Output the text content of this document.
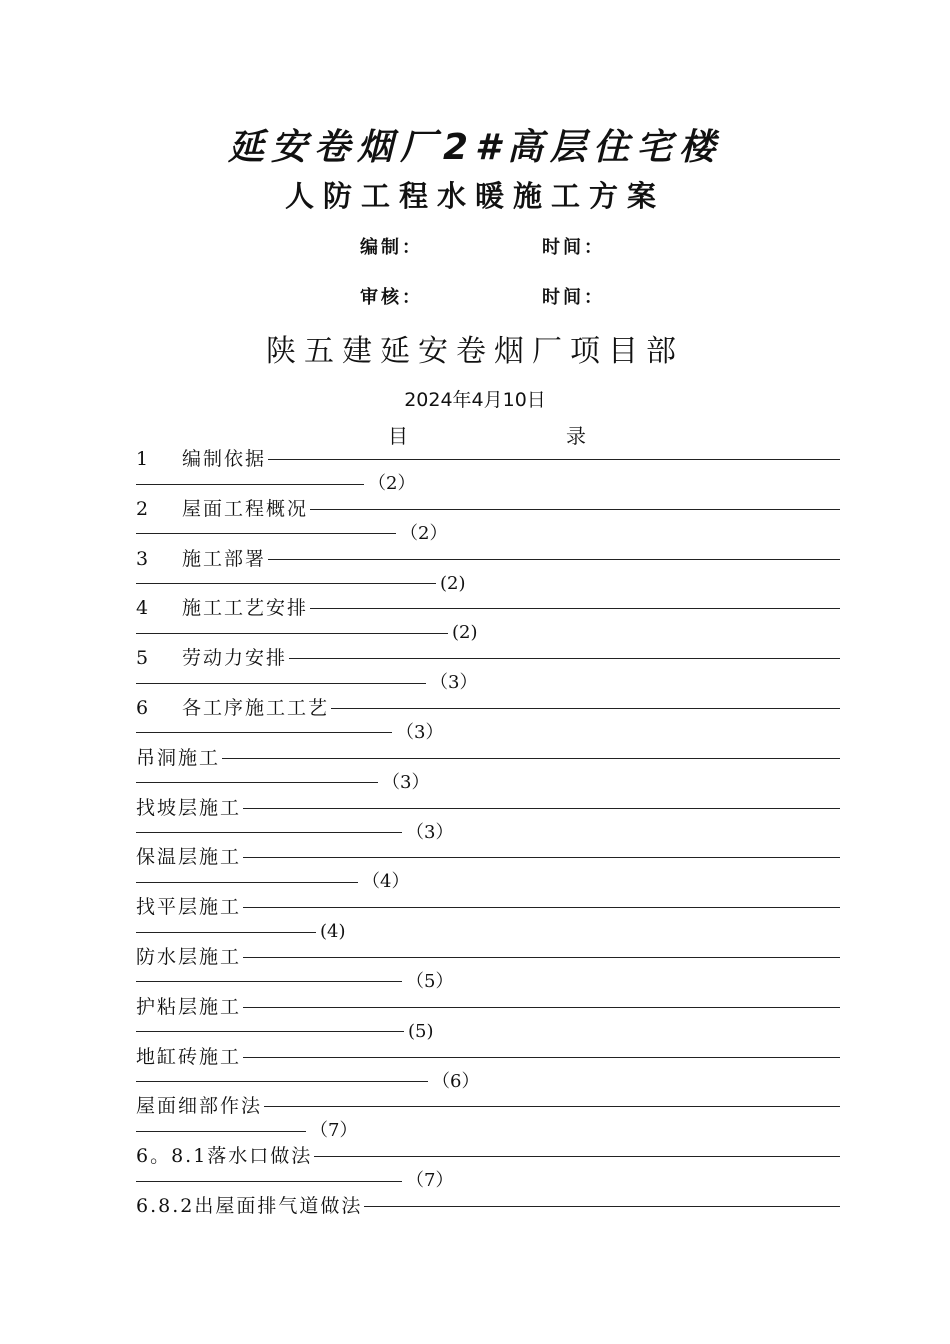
延安卷烟厂2#高层住宅楼
人防工程水暖施工方案
编制：	时间：
审核：	时间：
陕五建延安卷烟厂项目部
2024年4月10日
目	录
1	编制依据
（2）
2	屋面工程概况
（2）
3	施工部署
(2)
4	施工工艺安排
(2)
5	劳动力安排
（3）
6	各工序施工工艺
（3）
吊洞施工
（3）
找坡层施工
（3）
保温层施工
（4）
找平层施工
(4)
防水层施工
（5）
护粘层施工
(5)
地缸砖施工
（6）
屋面细部作法
（7）
6。8.1落水口做法
（7）
6.8.2出屋面排气道做法
